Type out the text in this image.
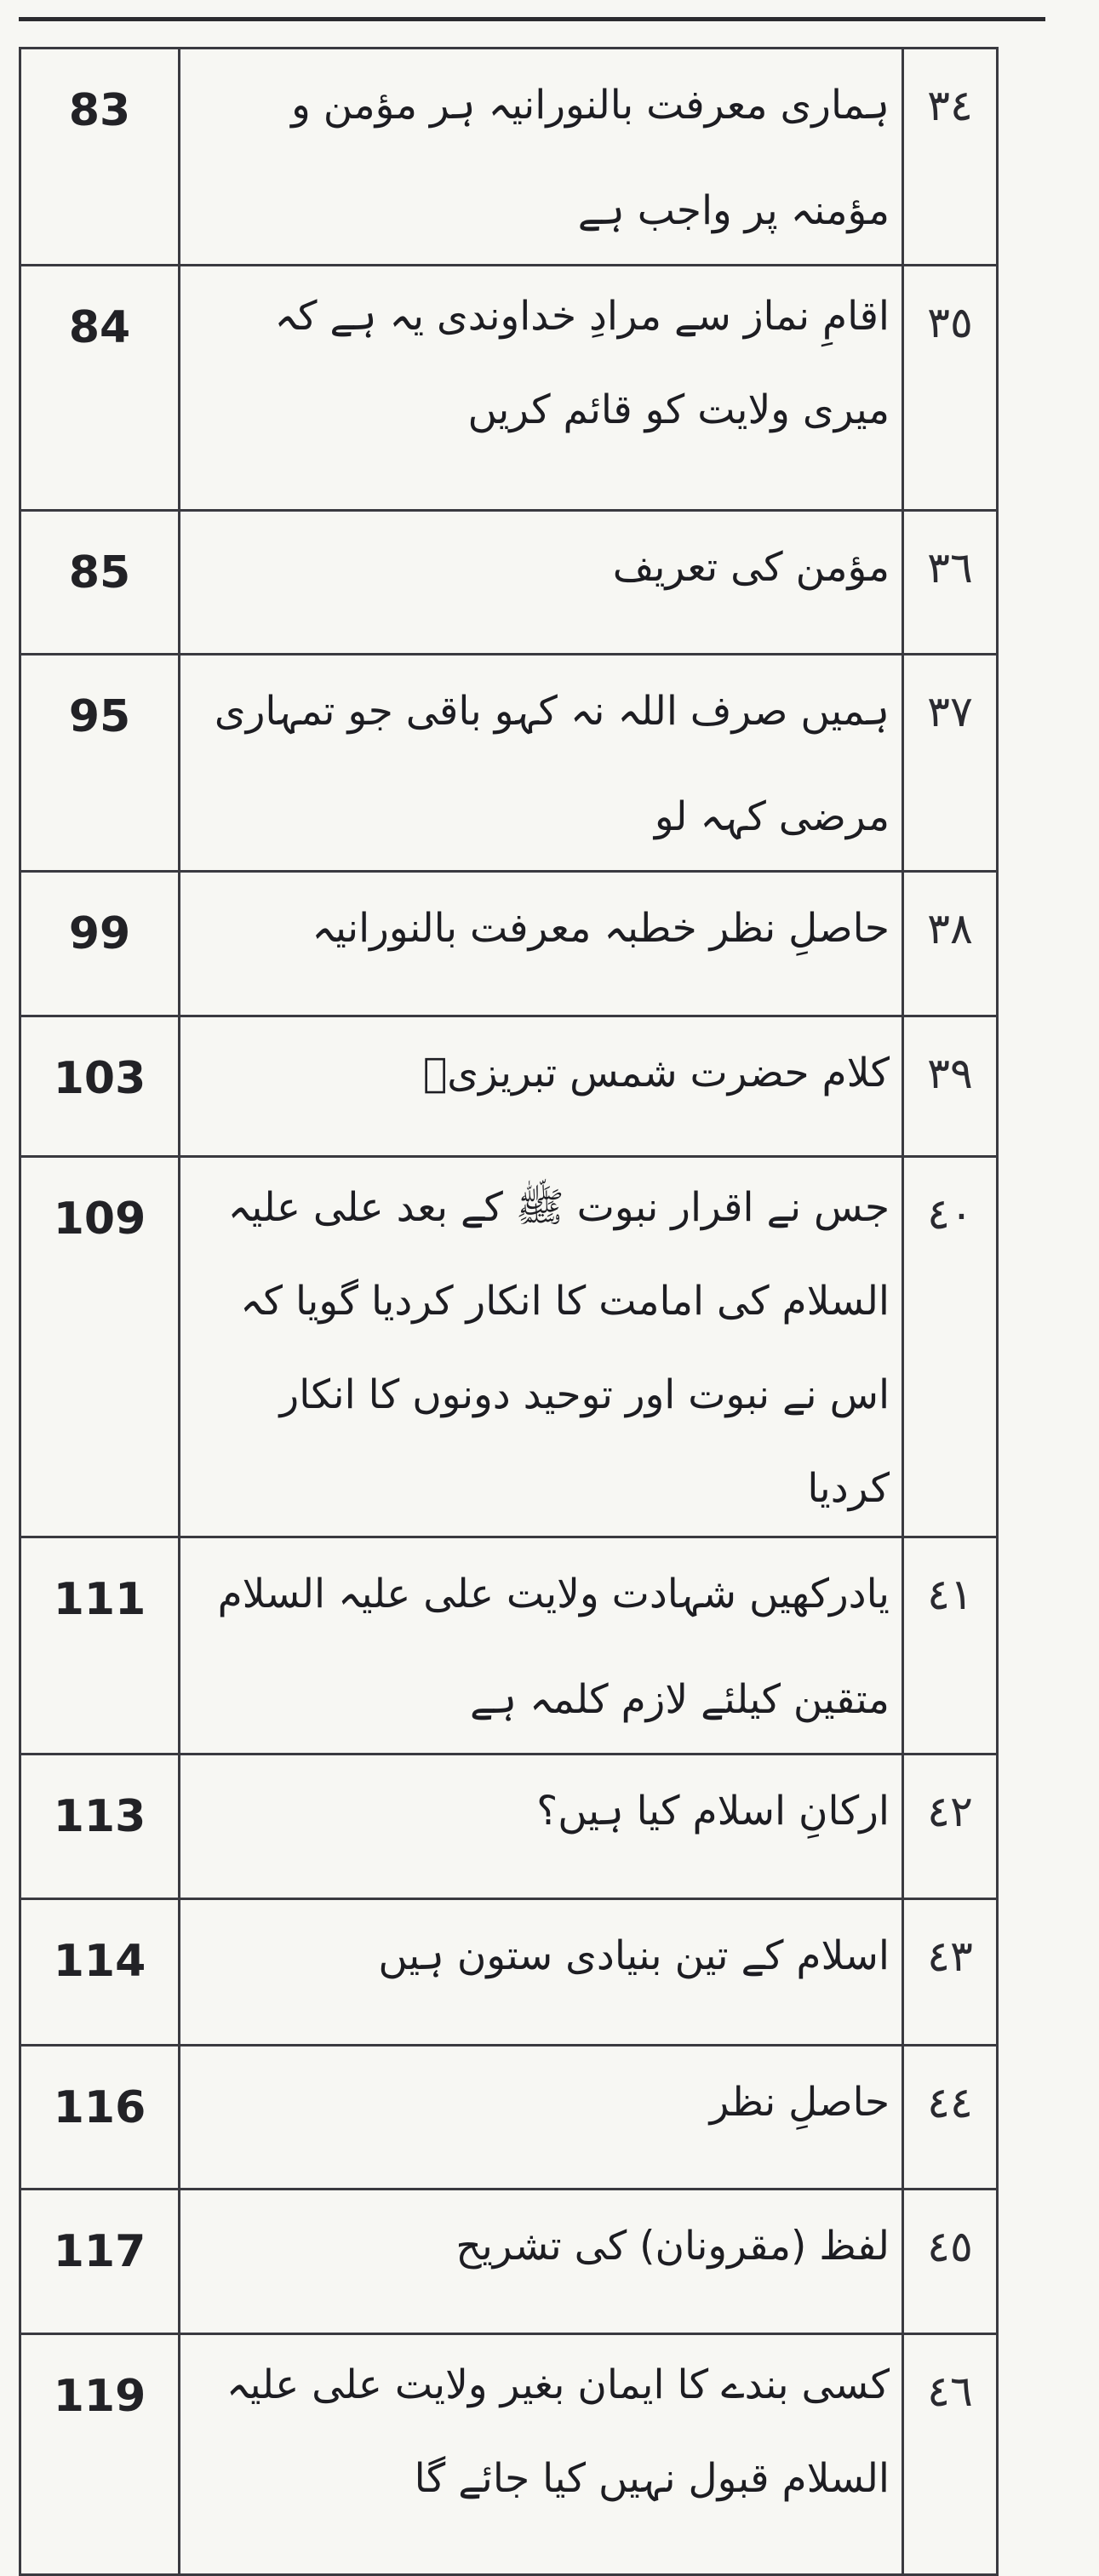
83	ہماری معرفت بالنورانیہ ہر مؤمن و مؤمنہ پر واجب ہے	٣٤
84	اقامِ نماز سے مرادِ خداوندی یہ ہے کہ میری ولایت کو قائم کریں	٣٥
85	مؤمن کی تعریف	٣٦
95	ہمیں صرف اللہ نہ کہو باقی جو تمہاری مرضی کہہ لو	٣٧
99	حاصلِ نظر خطبہ معرفت بالنورانیہ	٣٨
103	کلام حضرت شمس تبریزیؒ	٣٩
109	جس نے اقرار نبوت ﷺ کے بعد علی علیہ السلام کی امامت کا انکار کردیا گویا کہ اس نے نبوت اور توحید دونوں کا انکار کردیا	٤٠
111	یادرکھیں شہادت ولایت علی علیہ السلام متقین کیلئے لازم کلمہ ہے	٤١
113	ارکانِ اسلام کیا ہیں؟	٤٢
114	اسلام کے تین بنیادی ستون ہیں	٤٣
116	حاصلِ نظر	٤٤
117	لفظ (مقرونان) کی تشریح	٤٥
119	کسی بندے کا ایمان بغیر ولایت علی علیہ السلام قبول نہیں کیا جائے گا	٤٦
